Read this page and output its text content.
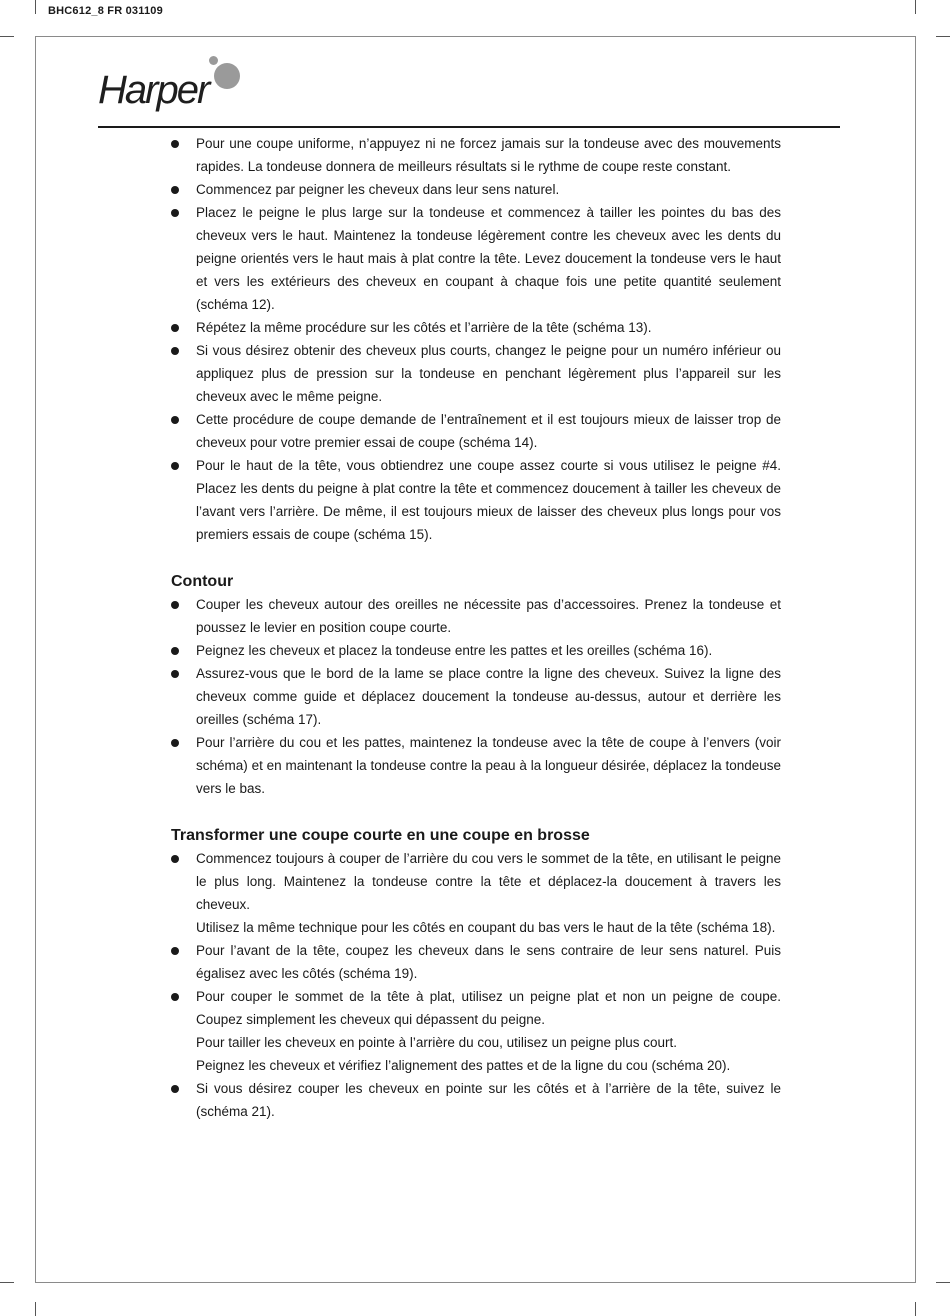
BHC612_8 FR 031109
Harper
Pour une coupe uniforme, n’appuyez ni ne forcez jamais sur la tondeuse avec des mouvements rapides. La tondeuse donnera de meilleurs résultats si le rythme de coupe reste constant.
Commencez par peigner les cheveux dans leur sens naturel.
Placez le peigne le plus large sur la tondeuse et commencez à tailler les pointes du bas des cheveux vers le haut. Maintenez la tondeuse légèrement contre les cheveux avec les dents du peigne orientés vers le haut mais à plat contre la tête. Levez doucement la tondeuse vers le haut et vers les extérieurs des cheveux en coupant à chaque fois une petite quantité seulement (schéma 12).
Répétez la même procédure sur les côtés et l’arrière de la tête (schéma 13).
Si vous désirez obtenir des cheveux plus courts, changez le peigne pour un numéro inférieur ou appliquez plus de pression sur la tondeuse en penchant légèrement plus l’appareil sur les cheveux avec le même peigne.
Cette procédure de coupe demande de l’entraînement et il est toujours mieux de laisser trop de cheveux pour votre premier essai de coupe (schéma 14).
Pour le haut de la tête, vous obtiendrez une coupe assez courte si vous utilisez le peigne #4. Placez les dents du peigne à plat contre la tête et commencez doucement à tailler les cheveux de l’avant vers l’arrière. De même, il est toujours mieux de laisser des cheveux plus longs pour vos premiers essais de coupe (schéma 15).
Contour
Couper les cheveux autour des oreilles ne nécessite pas d’accessoires. Prenez la tondeuse et poussez le levier en position coupe courte.
Peignez les cheveux et placez la tondeuse entre les pattes et les oreilles (schéma 16).
Assurez-vous que le bord de la lame se place contre la ligne des cheveux. Suivez la ligne des cheveux comme guide et déplacez doucement la tondeuse au-dessus, autour et derrière les oreilles (schéma 17).
Pour l’arrière du cou et les pattes, maintenez la tondeuse avec la tête de coupe à l’envers (voir schéma) et en maintenant la tondeuse contre la peau à la longueur désirée, déplacez la tondeuse vers le bas.
Transformer une coupe courte en une coupe en brosse
Commencez toujours à couper de l’arrière du cou vers le sommet de la tête, en utilisant le peigne le plus long. Maintenez la tondeuse contre la tête et déplacez-la doucement à travers les cheveux.
Utilisez la même technique pour les côtés en coupant du bas vers le haut de la tête (schéma 18).
Pour l’avant de la tête, coupez les cheveux dans le sens contraire de leur sens naturel. Puis égalisez avec les côtés (schéma 19).
Pour couper le sommet de la tête à plat, utilisez un peigne plat et non un peigne de coupe. Coupez simplement les cheveux qui dépassent du peigne.
Pour tailler les cheveux en pointe à l’arrière du cou, utilisez un peigne plus court.
Peignez les cheveux et vérifiez l’alignement des pattes et de la ligne du cou (schéma 20).
Si vous désirez couper les cheveux en pointe sur les côtés et à l’arrière de la tête, suivez le (schéma 21).
